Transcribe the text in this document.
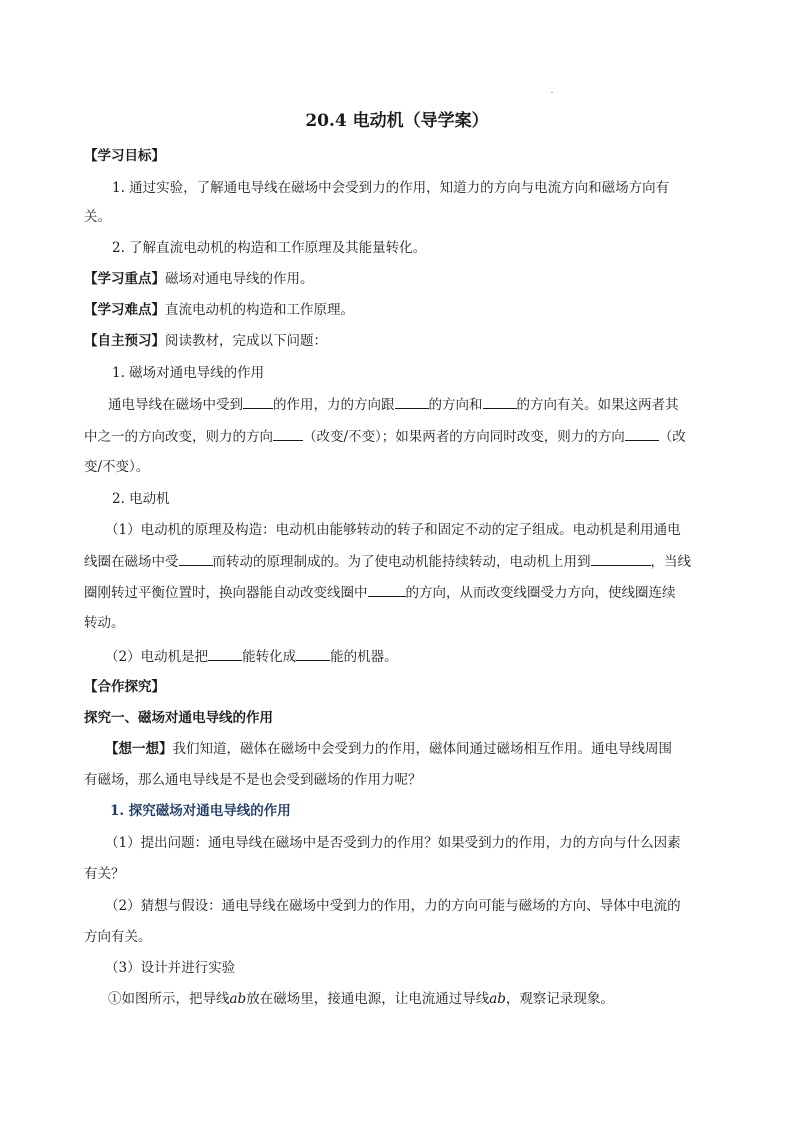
20.4 电动机（导学案）
【学习目标】
1. 通过实验，了解通电导线在磁场中会受到力的作用，知道力的方向与电流方向和磁场方向有
关。
2. 了解直流电动机的构造和工作原理及其能量转化。
【学习重点】磁场对通电导线的作用。
【学习难点】直流电动机的构造和工作原理。
【自主预习】阅读教材，完成以下问题：
1. 磁场对通电导线的作用
通电导线在磁场中受到 的作用，力的方向跟	的方向和	的方向有关。如果这两者其
中之一的方向改变，则力的方向 （改变/不变）；如果两者的方向同时改变，则力的方向	（改
变/不变）。
2. 电动机
（1）电动机的原理及构造：电动机由能够转动的转子和固定不动的定子组成。电动机是利用通电
线圈在磁场中受	而转动的原理制成的。为了使电动机能持续转动，电动机上用到	，当线
圈刚转过平衡位置时，换向器能自动改变线圈中	的方向，从而改变线圈受力方向，使线圈连续
转动。
（2）电动机是把	能转化成	能的机器。
【合作探究】
探究一、磁场对通电导线的作用
【想一想】我们知道，磁体在磁场中会受到力的作用，磁体间通过磁场相互作用。通电导线周围
有磁场，那么通电导线是不是也会受到磁场的作用力呢？
1. 探究磁场对通电导线的作用
（1）提出问题：通电导线在磁场中是否受到力的作用？如果受到力的作用，力的方向与什么因素
有关？
（2）猜想与假设：通电导线在磁场中受到力的作用，力的方向可能与磁场的方向、导体中电流的
方向有关。
（3）设计并进行实验
①如图所示，把导线ab放在磁场里，接通电源，让电流通过导线ab，观察记录现象。
